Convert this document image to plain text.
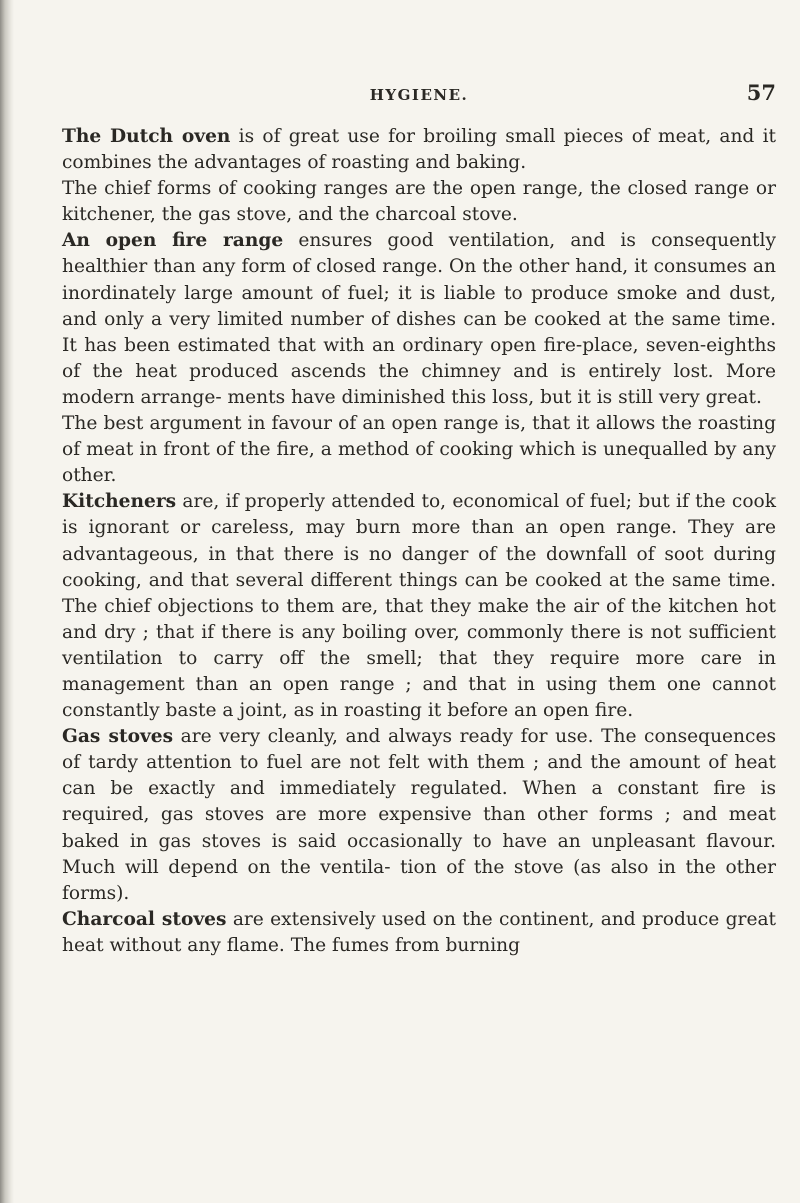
HYGIENE.	57

The Dutch oven is of great use for broiling small pieces of meat, and it combines the advantages of roasting and baking.

The chief forms of cooking ranges are the open range, the closed range or kitchener, the gas stove, and the charcoal stove.

An open fire range ensures good ventilation, and is consequently healthier than any form of closed range. On the other hand, it consumes an inordinately large amount of fuel; it is liable to produce smoke and dust, and only a very limited number of dishes can be cooked at the same time. It has been estimated that with an ordinary open fire-place, seven-eighths of the heat produced ascends the chimney and is entirely lost. More modern arrange- ments have diminished this loss, but it is still very great.

The best argument in favour of an open range is, that it allows the roasting of meat in front of the fire, a method of cooking which is unequalled by any other.

Kitcheners are, if properly attended to, economical of fuel; but if the cook is ignorant or careless, may burn more than an open range. They are advantageous, in that there is no danger of the downfall of soot during cooking, and that several different things can be cooked at the same time. The chief objections to them are, that they make the air of the kitchen hot and dry ; that if there is any boiling over, commonly there is not sufficient ventilation to carry off the smell; that they require more care in management than an open range ; and that in using them one cannot constantly baste a joint, as in roasting it before an open fire.

Gas stoves are very cleanly, and always ready for use. The consequences of tardy attention to fuel are not felt with them ; and the amount of heat can be exactly and immediately regulated. When a constant fire is required, gas stoves are more expensive than other forms ; and meat baked in gas stoves is said occasionally to have an unpleasant flavour. Much will depend on the ventila- tion of the stove (as also in the other forms).

Charcoal stoves are extensively used on the continent, and produce great heat without any flame. The fumes from burning
